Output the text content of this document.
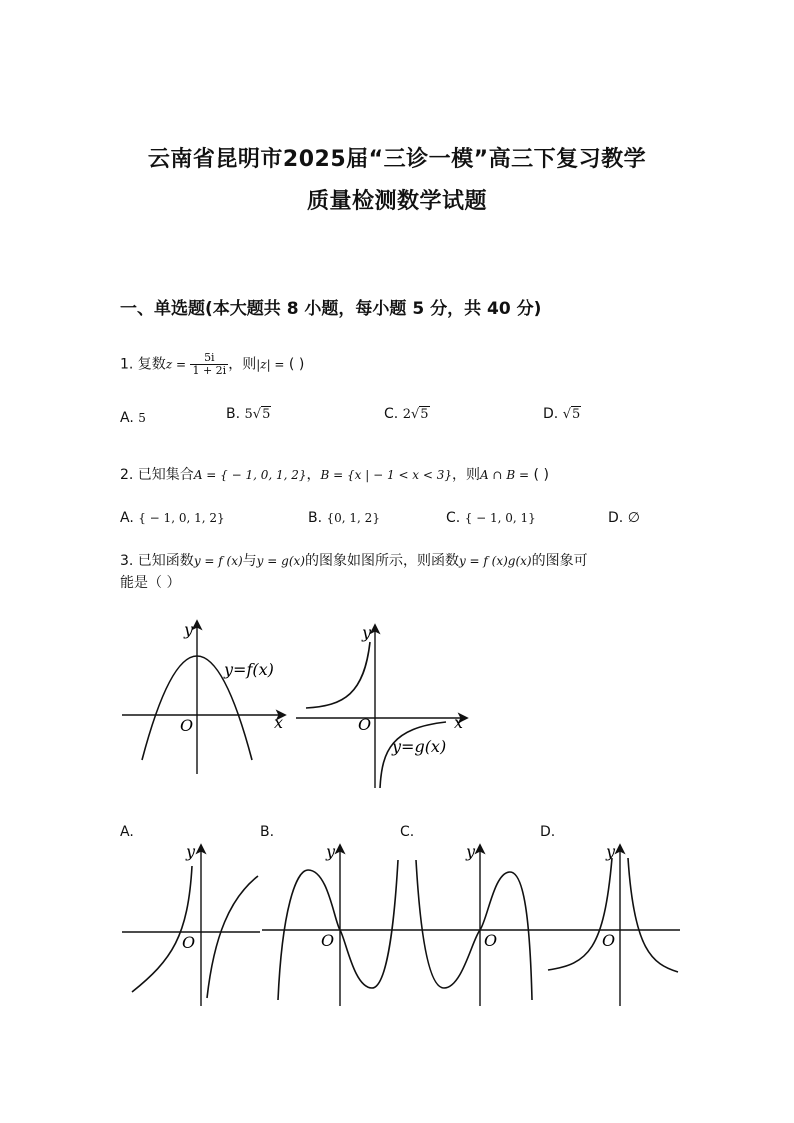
云南省昆明市2025届“三诊一模”高三下复习教学
质量检测数学试题
一、单选题(本大题共 8 小题，每小题 5 分，共 40 分)
1. 复数$z = \frac{5i}{1 + 2i}$ ，则|z| = ( )
A. 5	B. 5√5	C. 2√5	D. √5
2. 已知集合A = { − 1, 0, 1, 2}，B = {x | − 1 < x < 3}，则A ∩ B = ( )
A. { − 1, 0, 1, 2}	B. {0, 1, 2}	C. { − 1, 0, 1}	D. ∅
3. 已知函数y = f (x)与y = g(x)的图象如图所示，则函数y = f (x)g(x)的图象可
能是（ ）
y
x
O
y=f(x)
y
x
O
y=g(x)
A.	B.	C.	D.
y
O
y
O
y
O
y
O
